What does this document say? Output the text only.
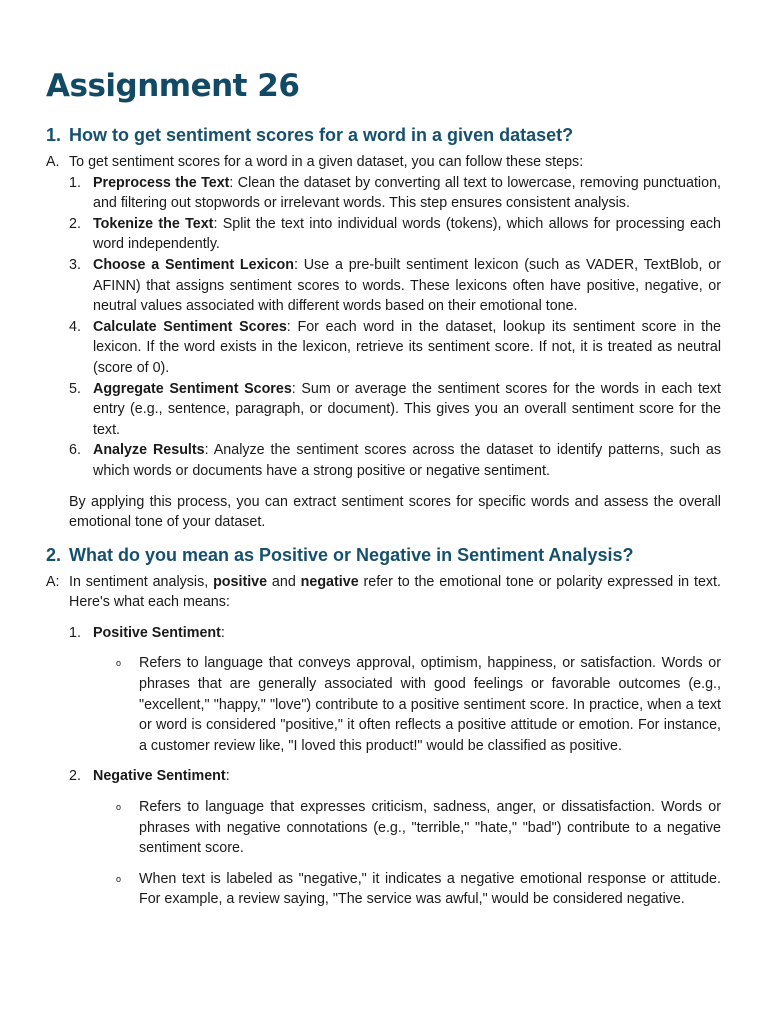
Assignment 26
1. How to get sentiment scores for a word in a given dataset?
A. To get sentiment scores for a word in a given dataset, you can follow these steps:
1. Preprocess the Text: Clean the dataset by converting all text to lowercase, removing punctuation, and filtering out stopwords or irrelevant words. This step ensures consistent analysis.
2. Tokenize the Text: Split the text into individual words (tokens), which allows for processing each word independently.
3. Choose a Sentiment Lexicon: Use a pre-built sentiment lexicon (such as VADER, TextBlob, or AFINN) that assigns sentiment scores to words. These lexicons often have positive, negative, or neutral values associated with different words based on their emotional tone.
4. Calculate Sentiment Scores: For each word in the dataset, lookup its sentiment score in the lexicon. If the word exists in the lexicon, retrieve its sentiment score. If not, it is treated as neutral (score of 0).
5. Aggregate Sentiment Scores: Sum or average the sentiment scores for the words in each text entry (e.g., sentence, paragraph, or document). This gives you an overall sentiment score for the text.
6. Analyze Results: Analyze the sentiment scores across the dataset to identify patterns, such as which words or documents have a strong positive or negative sentiment.

By applying this process, you can extract sentiment scores for specific words and assess the overall emotional tone of your dataset.

2. What do you mean as Positive or Negative in Sentiment Analysis?
A: In sentiment analysis, positive and negative refer to the emotional tone or polarity expressed in text. Here's what each means:
1. Positive Sentiment:
o	Refers to language that conveys approval, optimism, happiness, or satisfaction. Words or phrases that are generally associated with good feelings or favorable outcomes (e.g., "excellent," "happy," "love") contribute to a positive sentiment score. In practice, when a text or word is considered "positive," it often reflects a positive attitude or emotion. For instance, a customer review like, "I loved this product!" would be classified as positive.
2. Negative Sentiment:
o	Refers to language that expresses criticism, sadness, anger, or dissatisfaction. Words or phrases with negative connotations (e.g., "terrible," "hate," "bad") contribute to a negative sentiment score.
o	When text is labeled as "negative," it indicates a negative emotional response or attitude. For example, a review saying, "The service was awful," would be considered negative.
